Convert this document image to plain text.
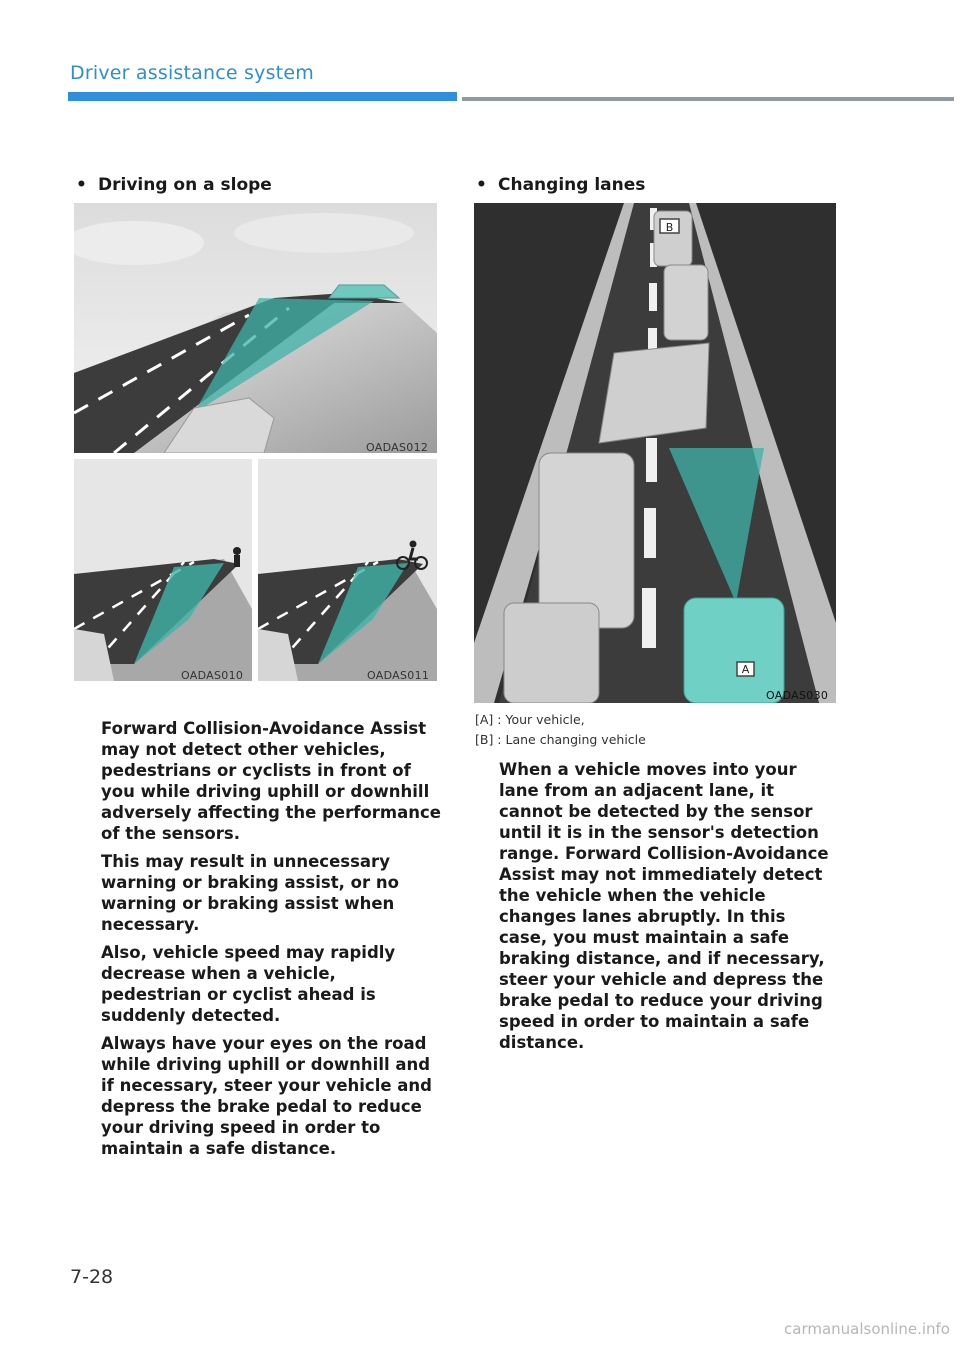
Driver assistance system
• Driving on a slope
OADAS012
OADAS010	OADAS011

Forward Collision-Avoidance Assist may not detect other vehicles, pedestrians or cyclists in front of you while driving uphill or downhill adversely affecting the performance of the sensors.

This may result in unnecessary warning or braking assist, or no warning or braking assist when necessary.

Also, vehicle speed may rapidly decrease when a vehicle, pedestrian or cyclist ahead is suddenly detected.

Always have your eyes on the road while driving uphill or downhill and if necessary, steer your vehicle and depress the brake pedal to reduce your driving speed in order to maintain a safe distance.

• Changing lanes
B
A
OADAS030
[A] : Your vehicle,
[B] : Lane changing vehicle

When a vehicle moves into your lane from an adjacent lane, it cannot be detected by the sensor until it is in the sensor's detection range. Forward Collision-Avoidance Assist may not immediately detect the vehicle when the vehicle changes lanes abruptly. In this case, you must maintain a safe braking distance, and if necessary, steer your vehicle and depress the brake pedal to reduce your driving speed in order to maintain a safe distance.

7-28
carmanualsonline.info
